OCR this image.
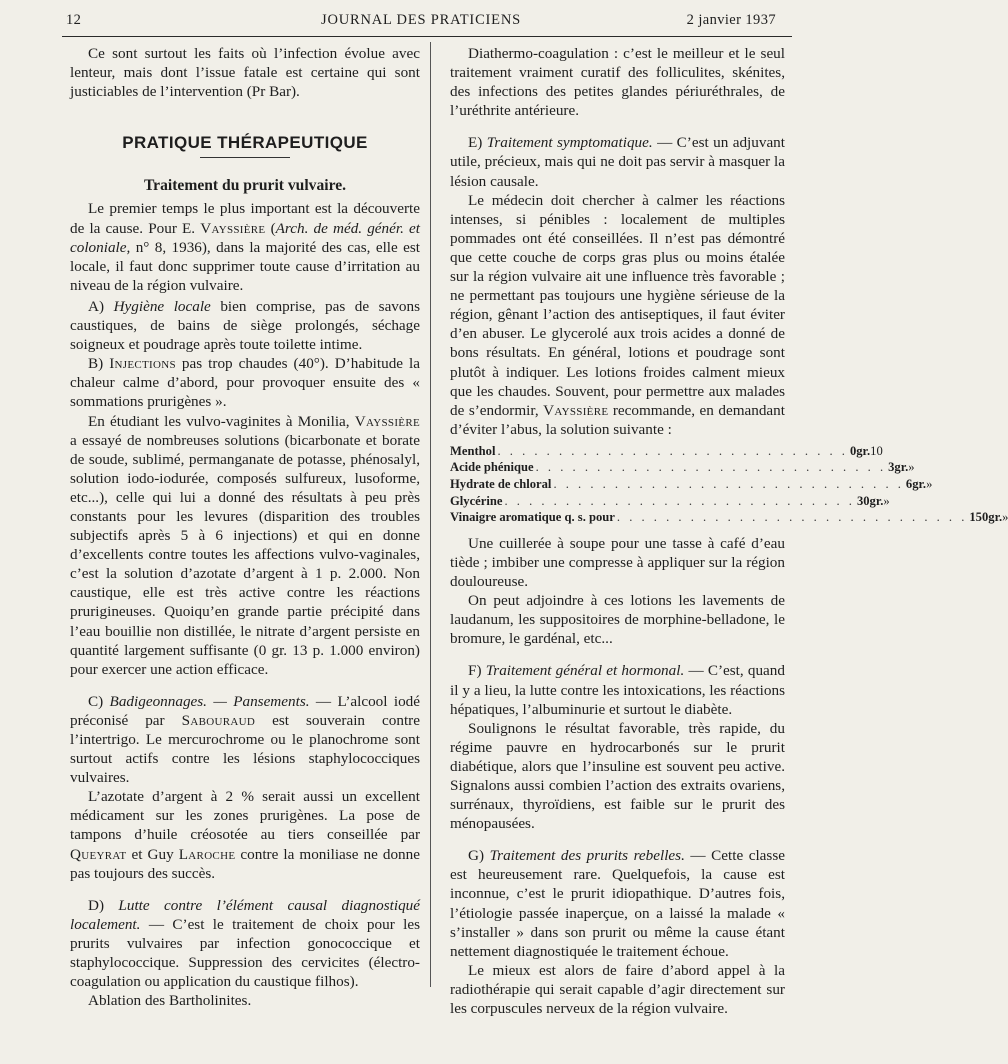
12	JOURNAL DES PRATICIENS	2 janvier 1937

Ce sont surtout les faits où l’infection évolue avec lenteur, mais dont l’issue fatale est certaine qui sont justiciables de l’intervention (Pr Bar).

PRATIQUE THÉRAPEUTIQUE
Traitement du prurit vulvaire.

Le premier temps le plus important est la découverte de la cause. Pour E. Vayssière (Arch. de méd. génér. et coloniale, n° 8, 1936), dans la majorité des cas, elle est locale, il faut donc supprimer toute cause d’irritation au niveau de la région vulvaire.

A) Hygiène locale bien comprise, pas de savons caustiques, de bains de siège prolongés, séchage soigneux et poudrage après toute toilette intime.

B) Injections pas trop chaudes (40°). D’habitude la chaleur calme d’abord, pour provoquer ensuite des « sommations prurigènes ».

En étudiant les vulvo-vaginites à Monilia, Vayssière a essayé de nombreuses solutions (bicarbonate et borate de soude, sublimé, permanganate de potasse, phénosalyl, solution iodo-iodurée, composés sulfureux, lusoforme, etc...), celle qui lui a donné des résultats à peu près constants pour les levures (disparition des troubles subjectifs après 5 à 6 injections) et qui en donne d’excellents contre toutes les affections vulvo-vaginales, c’est la solution d’azotate d’argent à 1 p. 2.000. Non caustique, elle est très active contre les réactions prurigineuses. Quoiqu’en grande partie précipité dans l’eau bouillie non distillée, le nitrate d’argent persiste en quantité largement suffisante (0 gr. 13 p. 1.000 environ) pour exercer une action efficace.

C) Badigeonnages. — Pansements. — L’alcool iodé préconisé par Sabouraud est souverain contre l’intertrigo. Le mercurochrome ou le planochrome sont surtout actifs contre les lésions staphylococciques vulvaires.

L’azotate d’argent à 2 % serait aussi un excellent médicament sur les zones prurigènes. La pose de tampons d’huile créosotée au tiers conseillée par Queyrat et Guy Laroche contre la moniliase ne donne pas toujours des succès.

D) Lutte contre l’élément causal diagnostiqué localement. — C’est le traitement de choix pour les prurits vulvaires par infection gonococcique et staphylococcique. Suppression des cervicites (électro-coagulation ou application du caustique filhos).

Ablation des Bartholinites.

Diathermo-coagulation : c’est le meilleur et le seul traitement vraiment curatif des folliculites, skénites, des infections des petites glandes périuréthrales, de l’uréthrite antérieure.

E) Traitement symptomatique. — C’est un adjuvant utile, précieux, mais qui ne doit pas servir à masquer la lésion causale.

Le médecin doit chercher à calmer les réactions intenses, si pénibles : localement de multiples pommades ont été conseillées. Il n’est pas démontré que cette couche de corps gras plus ou moins étalée sur la région vulvaire ait une influence très favorable ; ne permettant pas toujours une hygiène sérieuse de la région, gênant l’action des antiseptiques, il faut éviter d’en abuser. Le glycerolé aux trois acides a donné de bons résultats. En général, lotions et poudrage sont plutôt à indiquer. Les lotions froides calment mieux que les chaudes. Souvent, pour permettre aux malades de s’endormir, Vayssière recommande, en demandant d’éviter l’abus, la solution suivante :

Menthol . . . . . . . . . . . . . . . . . . . . . . . . . . . . . 0 gr. 10
Acide phénique . . . . . . . . . . . . . . . . . . . . . . . . . . . . . 3 gr. »
Hydrate de chloral . . . . . . . . . . . . . . . . . . . . . . . . . . . . . 6 gr. »
Glycérine . . . . . . . . . . . . . . . . . . . . . . . . . . . . . 30 gr. »
Vinaigre aromatique q. s. pour . . . . . . . . . . . . . . . . . . . . . . . . . . . . . 150 gr. »

Une cuillerée à soupe pour une tasse à café d’eau tiède ; imbiber une compresse à appliquer sur la région douloureuse.

On peut adjoindre à ces lotions les lavements de laudanum, les suppositoires de morphine-belladone, le bromure, le gardénal, etc...

F) Traitement général et hormonal. — C’est, quand il y a lieu, la lutte contre les intoxications, les réactions hépatiques, l’albuminurie et surtout le diabète.

Soulignons le résultat favorable, très rapide, du régime pauvre en hydrocarbonés sur le prurit diabétique, alors que l’insuline est souvent peu active. Signalons aussi combien l’action des extraits ovariens, surrénaux, thyroïdiens, est faible sur le prurit des ménopausées.

G) Traitement des prurits rebelles. — Cette classe est heureusement rare. Quelquefois, la cause est inconnue, c’est le prurit idiopathique. D’autres fois, l’étiologie passée inaperçue, on a laissé la malade « s’installer » dans son prurit ou même la cause étant nettement diagnostiquée le traitement échoue.

Le mieux est alors de faire d’abord appel à la radiothérapie qui serait capable d’agir directement sur les corpuscules nerveux de la région vulvaire.
